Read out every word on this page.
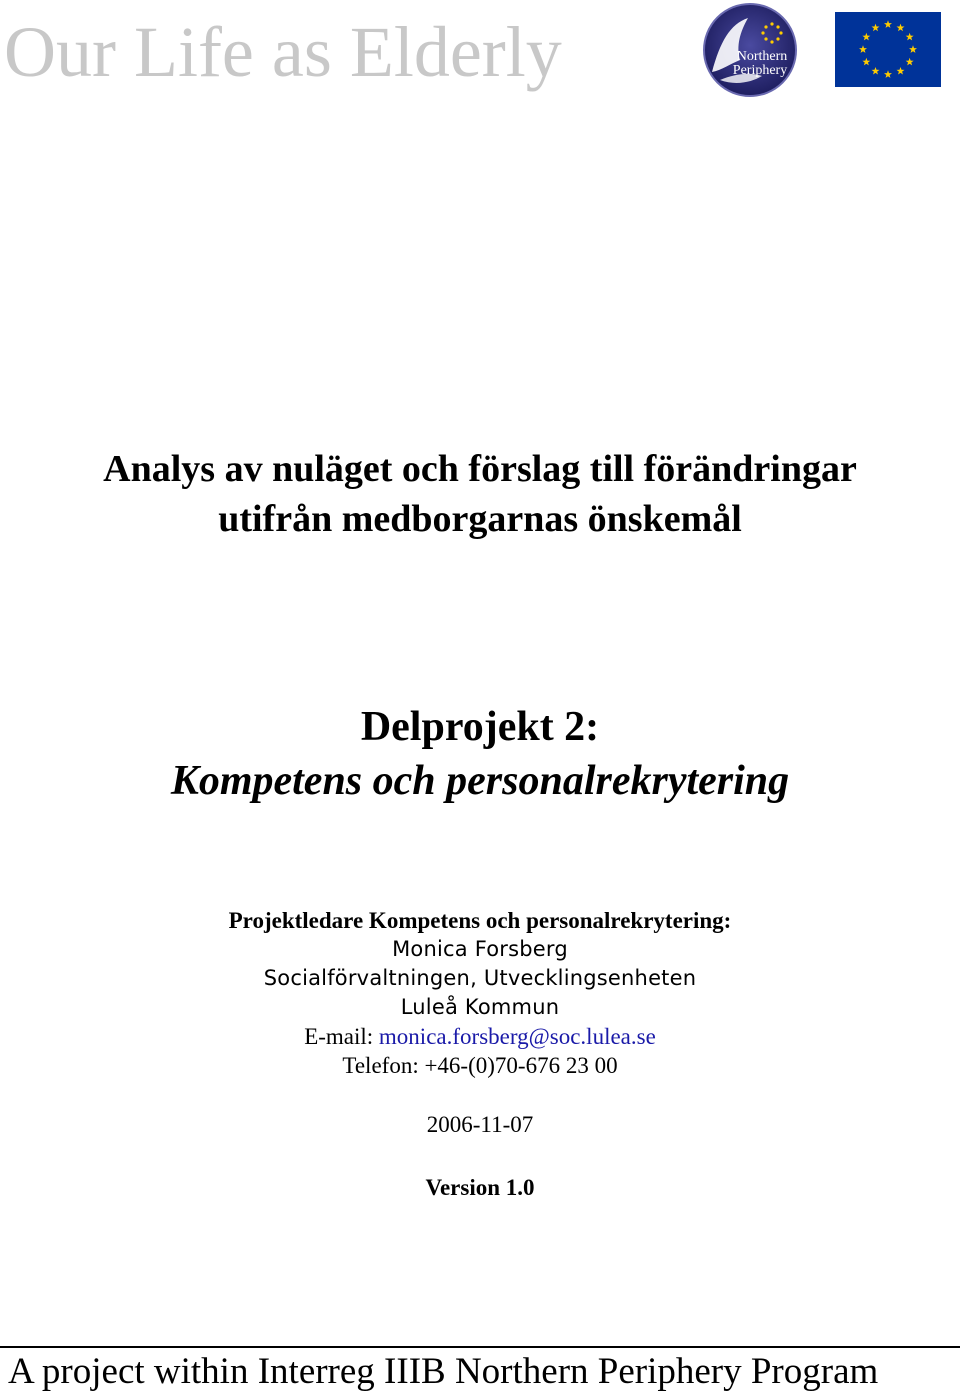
Our Life as Elderly	Northern
Periphery
Analys av nuläget och förslag till förändringar
utifrån medborgarnas önskemål
Delprojekt 2:
Kompetens och personalrekrytering
Projektledare Kompetens och personalrekrytering:
Monica Forsberg
Socialförvaltningen, Utvecklingsenheten
Luleå Kommun
E-mail: monica.forsberg@soc.lulea.se
Telefon: +46-(0)70-676 23 00
2006-11-07
Version 1.0
A project within Interreg IIIB Northern Periphery Program
